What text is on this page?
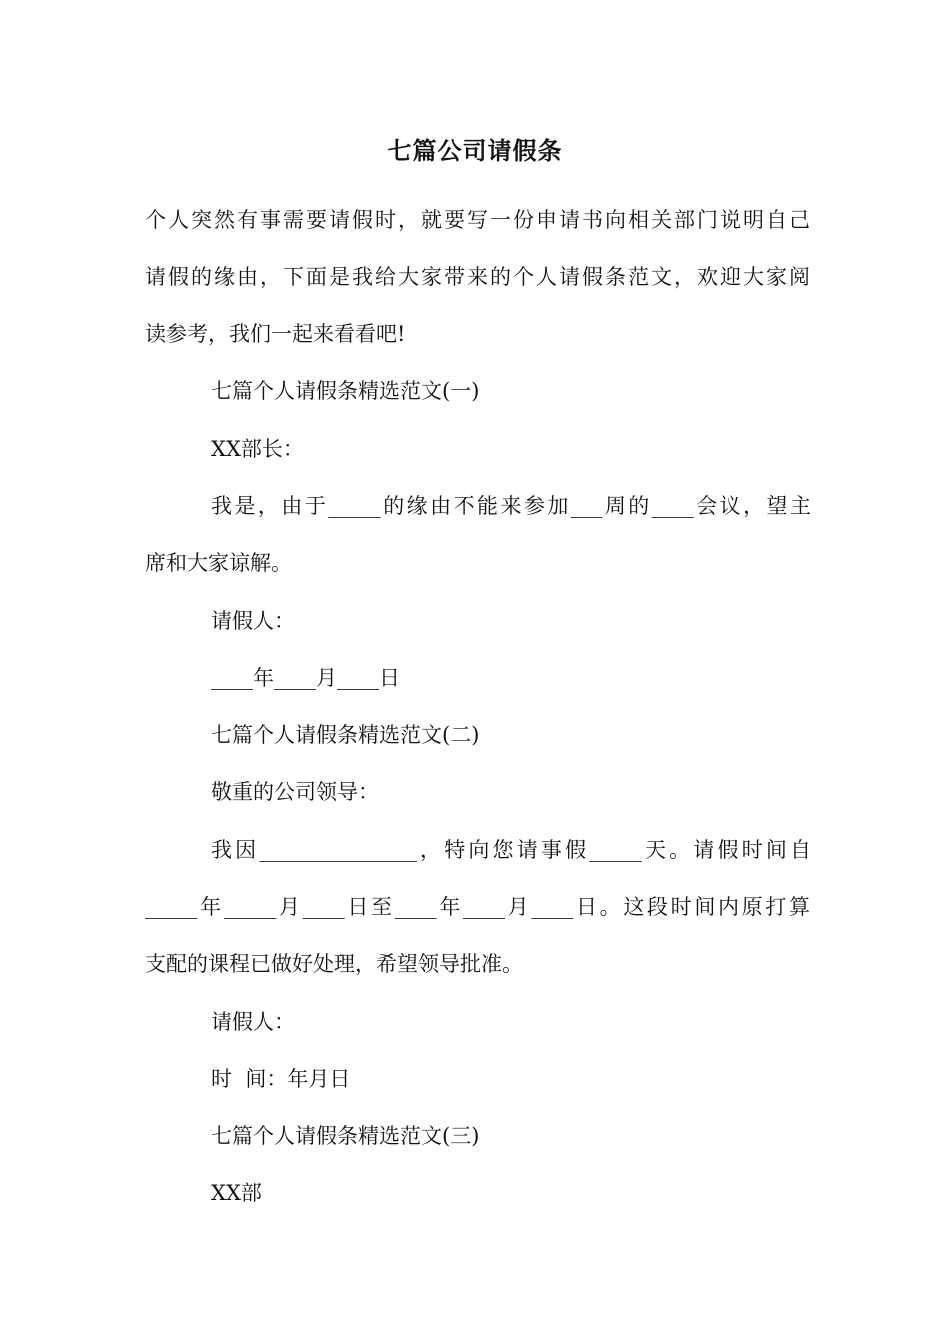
七篇公司请假条
个人突然有事需要请假时，就要写一份申请书向相关部门说明自己
请假的缘由，下面是我给大家带来的个人请假条范文，欢迎大家阅
读参考，我们一起来看看吧!
七篇个人请假条精选范文(一)
XX部长：
我是，由于_____的缘由不能来参加___周的____会议，望主
席和大家谅解。
请假人：
____年____月____日
七篇个人请假条精选范文(二)
敬重的公司领导：
我因_______________，特向您请事假_____天。请假时间自
_____年_____月____日至____年____月____日。这段时间内原打算
支配的课程已做好处理，希望领导批准。
请假人：
时  间：年月日
七篇个人请假条精选范文(三)
XX部
